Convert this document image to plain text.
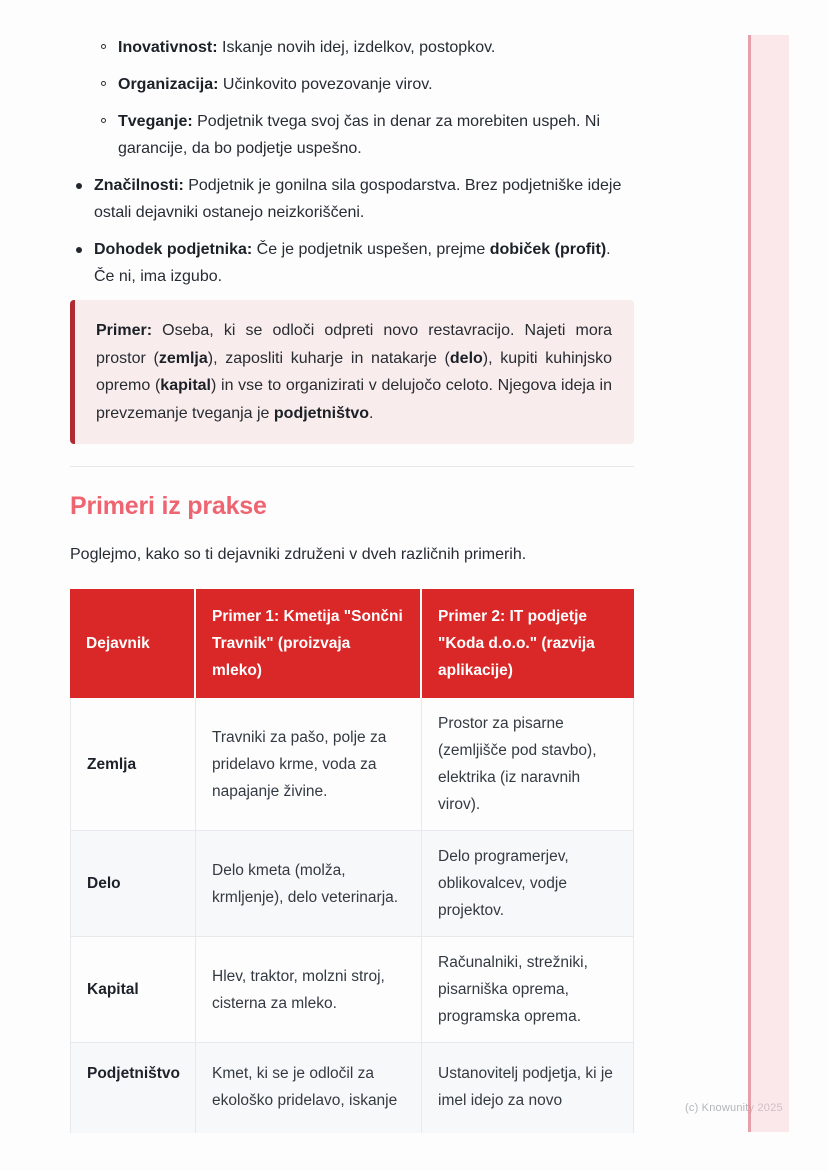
Inovativnost: Iskanje novih idej, izdelkov, postopkov.
Organizacija: Učinkovito povezovanje virov.
Tveganje: Podjetnik tvega svoj čas in denar za morebiten uspeh. Ni garancije, da bo podjetje uspešno.
Značilnosti: Podjetnik je gonilna sila gospodarstva. Brez podjetniške ideje ostali dejavniki ostanejo neizkoriščeni.
Dohodek podjetnika: Če je podjetnik uspešen, prejme dobiček (profit). Če ni, ima izgubo.

Primer: Oseba, ki se odloči odpreti novo restavracijo. Najeti mora prostor (zemlja), zaposliti kuharje in natakarje (delo), kupiti kuhinjsko opremo (kapital) in vse to organizirati v delujočo celoto. Njegova ideja in prevzemanje tveganja je podjetništvo.

Primeri iz prakse

Poglejmo, kako so ti dejavniki združeni v dveh različnih primerih.

Dejavnik	Primer 1: Kmetija "Sončni Travnik" (proizvaja mleko)	Primer 2: IT podjetje "Koda d.o.o." (razvija aplikacije)
Zemlja	Travniki za pašo, polje za pridelavo krme, voda za napajanje živine.	Prostor za pisarne (zemljišče pod stavbo), elektrika (iz naravnih virov).
Delo	Delo kmeta (molža, krmljenje), delo veterinarja.	Delo programerjev, oblikovalcev, vodje projektov.
Kapital	Hlev, traktor, molzni stroj, cisterna za mleko.	Računalniki, strežniki, pisarniška oprema, programska oprema.
Podjetništvo	Kmet, ki se je odločil za ekološko pridelavo, iskanje	Ustanovitelj podjetja, ki je imel idejo za novo	(c) Knowunity 2025
